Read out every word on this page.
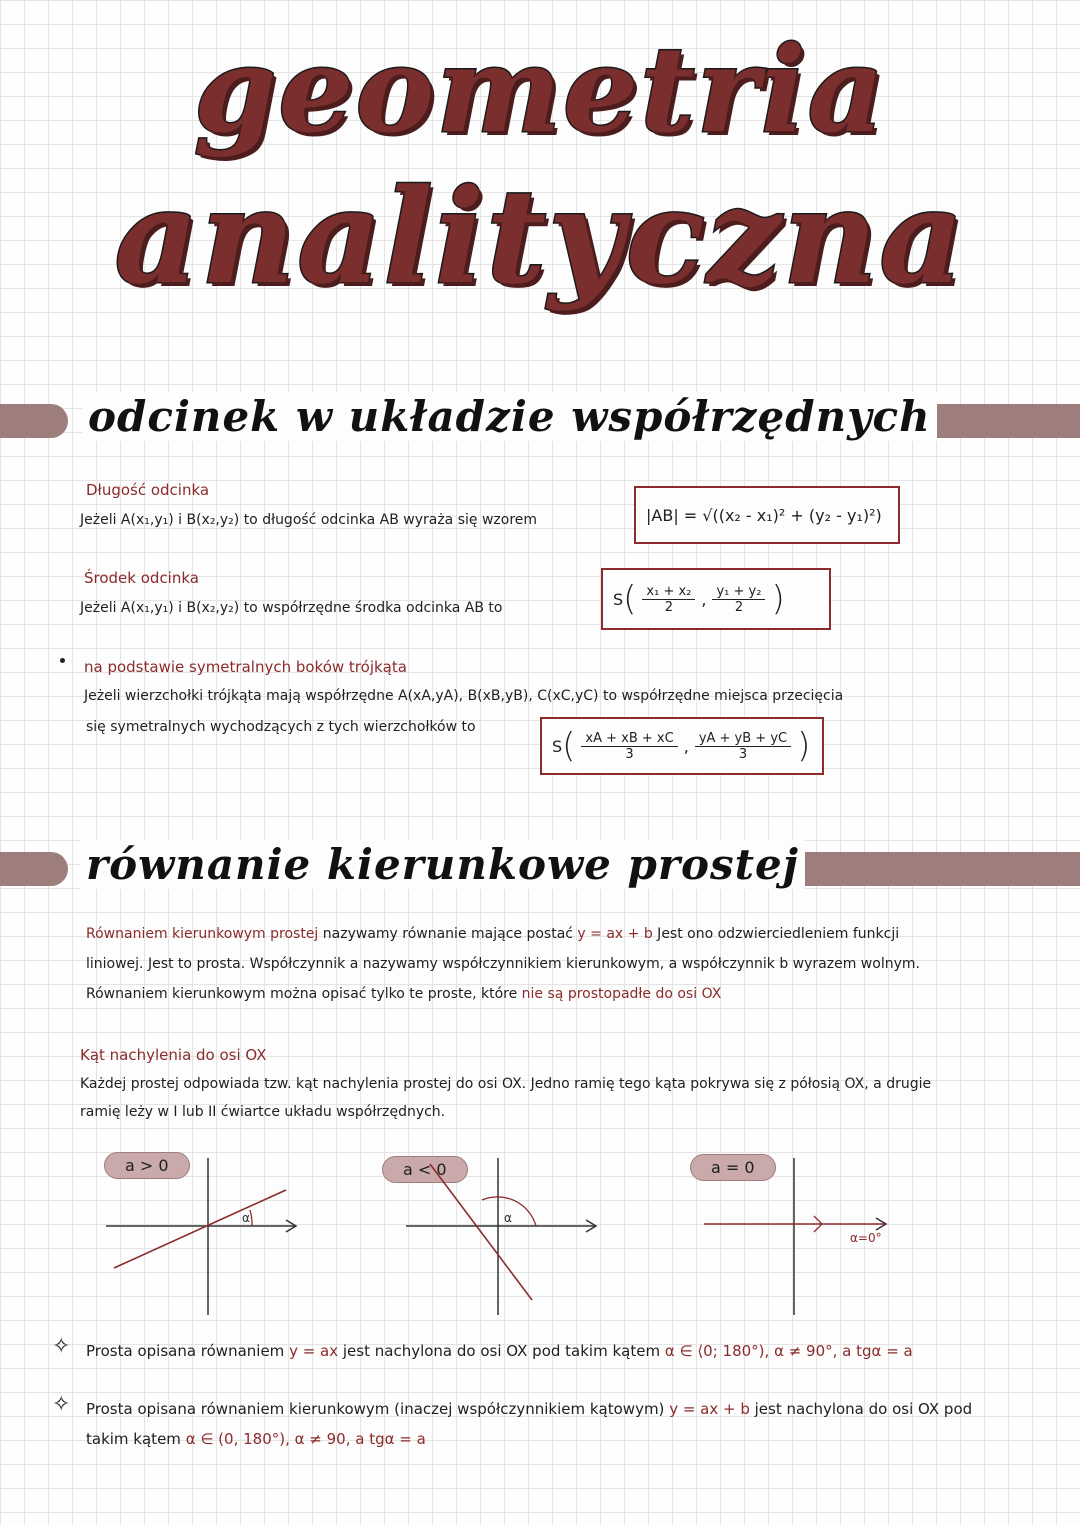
geometria
analityczna
odcinek w układzie współrzędnych
Długość odcinka
Jeżeli A(x₁,y₁) i B(x₂,y₂) to długość odcinka AB wyraża się wzorem	|AB| = √((x₂ - x₁)² + (y₂ - y₁)²)
Środek odcinka
Jeżeli A(x₁,y₁) i B(x₂,y₂) to współrzędne środka odcinka AB to	S ( $\frac{\text{x₁ + x₂}}{2}$ , $\frac{\text{y₁ + y₂}}{2}$ )
na podstawie symetralnych boków trójkąta
Jeżeli wierzchołki trójkąta mają współrzędne A(xA,yA), B(xB,yB), C(xC,yC) to współrzędne miejsca przecięcia
się symetralnych wychodzących z tych wierzchołków to
S ( $\frac{xA + xB + xC}{3}$ , $\frac{yA + yB + yC}{3}$ )
równanie kierunkowe prostej
Równaniem kierunkowym prostej nazywamy równanie mające postać y = ax + b Jest ono odzwierciedleniem funkcji
liniowej. Jest to prosta. Współczynnik a nazywamy współczynnikiem kierunkowym, a współczynnik b wyrazem wolnym.
Równaniem kierunkowym można opisać tylko te proste, które nie są prostopadłe do osi OX
Kąt nachylenia do osi OX
Każdej prostej odpowiada tzw. kąt nachylenia prostej do osi OX. Jedno ramię tego kąta pokrywa się z półosią OX, a drugie
ramię leży w I lub II ćwiartce układu współrzędnych.
a > 0
α
a < 0
α
a = 0
α=0°
✧ Prosta opisana równaniem y = ax jest nachylona do osi OX pod takim kątem α ∈ ⟨0; 180°), α ≠ 90°, a tgα = a
✧ Prosta opisana równaniem kierunkowym (inaczej współczynnikiem kątowym) y = ax + b jest nachylona do osi OX pod
takim kątem α ∈ (0, 180°), α ≠ 90, a tgα = a
